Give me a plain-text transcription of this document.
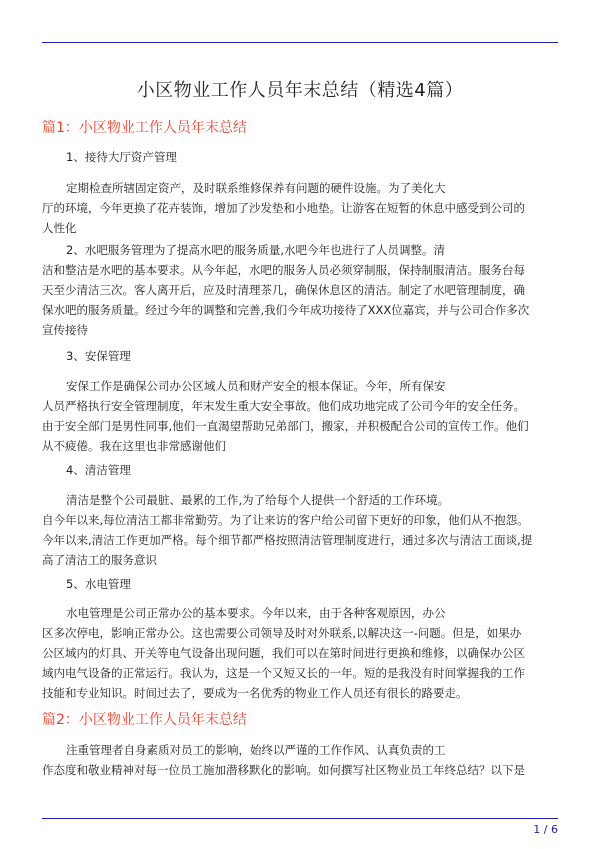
小区物业工作人员年末总结（精选4篇）
篇1：小区物业工作人员年末总结
1、接待大厅资产管理
定期检查所辖固定资产，及时联系维修保养有问题的硬件设施。为了美化大
厅的环境，今年更换了花卉装饰，增加了沙发垫和小地垫。让游客在短暂的休息中感受到公司的
人性化
2、水吧服务管理为了提高水吧的服务质量,水吧今年也进行了人员调整。清
洁和整洁是水吧的基本要求。从今年起，水吧的服务人员必须穿制服，保持制服清洁。服务台每
天至少清洁三次。客人离开后，应及时清理茶几，确保休息区的清洁。制定了水吧管理制度，确
保水吧的服务质量。经过今年的调整和完善,我们今年成功接待了XXX位嘉宾，并与公司合作多次
宣传接待
3、安保管理
安保工作是确保公司办公区域人员和财产安全的根本保证。今年，所有保安
人员严格执行安全管理制度，年末发生重大安全事故。他们成功地完成了公司今年的安全任务。
由于安全部门是男性同事,他们一直渴望帮助兄弟部门，搬家，并积极配合公司的宣传工作。他们
从不疲倦。我在这里也非常感谢他们
4、清洁管理
清洁是整个公司最脏、最累的工作,为了给每个人提供一个舒适的工作环境。
自今年以来,每位清洁工都非常勤劳。为了让来访的客户给公司留下更好的印象，他们从不抱怨。
今年以来,清洁工作更加严格。每个细节都严格按照清洁管理制度进行，通过多次与清洁工面谈,提
高了清洁工的服务意识
5、水电管理
水电管理是公司正常办公的基本要求。今年以来，由于各种客观原因，办公
区多次停电，影响正常办公。这也需要公司领导及时对外联系,以解决这一-问题。但是，如果办
公区域内的灯具、开关等电气设备出现问题，我们可以在第时间进行更换和维修，以确保办公区
域内电气设备的正常运行。我认为，这是一个又短又长的一年。短的是我没有时间掌握我的工作
技能和专业知识。时间过去了，要成为一名优秀的物业工作人员还有很长的路要走。
篇2：小区物业工作人员年末总结
注重管理者自身素质对员工的影响，始终以严谨的工作作风、认真负责的工
作态度和敬业精神对每一位员工施加潜移默化的影响。如何撰写社区物业员工年终总结？以下是
1 / 6
